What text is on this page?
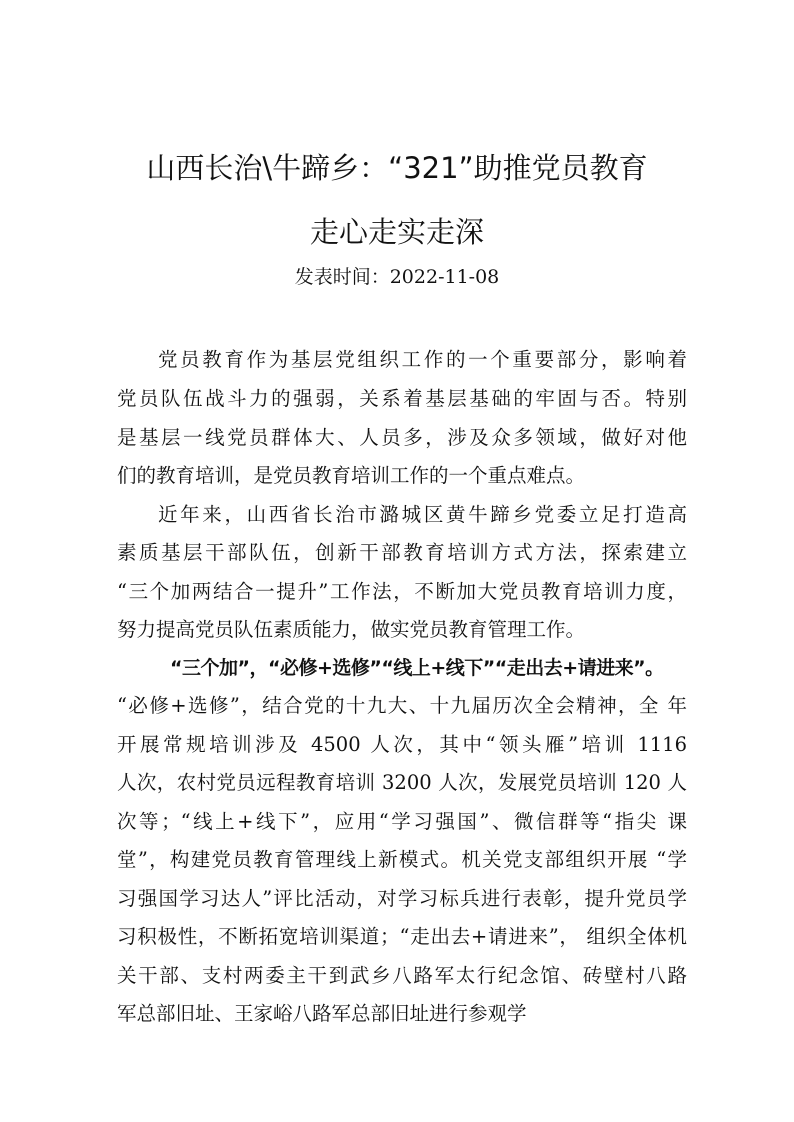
山西长治\牛蹄乡：“321”助推党员教育
走心走实走深
发表时间：2022-11-08
党员教育作为基层党组织工作的一个重要部分，影响着
党员队伍战斗力的强弱，关系着基层基础的牢固与否。特别
是基层一线党员群体大、人员多，涉及众多领域，做好对他
们的教育培训，是党员教育培训工作的一个重点难点。
近年来，山西省长治市潞城区黄牛蹄乡党委立足打造高
素质基层干部队伍，创新干部教育培训方式方法，探索建立
“三个加两结合一提升”工作法，不断加大党员教育培训力度，
努力提高党员队伍素质能力，做实党员教育管理工作。
“三个加”，“必修+选修”“线上+线下”“走出去+请进来”。
“必修+选修”，结合党的十九大、十九届历次全会精神，全 年
开展常规培训涉及 4500 人次，其中“领头雁”培训 1116
人次，农村党员远程教育培训 3200 人次，发展党员培训 120 人
次等；“线上+线下”，应用“学习强国”、微信群等“指尖 课
堂”，构建党员教育管理线上新模式。机关党支部组织开展 “学
习强国学习达人”评比活动，对学习标兵进行表彰，提升党员学
习积极性，不断拓宽培训渠道；“走出去+请进来”， 组织全体机
关干部、支村两委主干到武乡八路军太行纪念馆、砖壁村八路
军总部旧址、王家峪八路军总部旧址进行参观学
